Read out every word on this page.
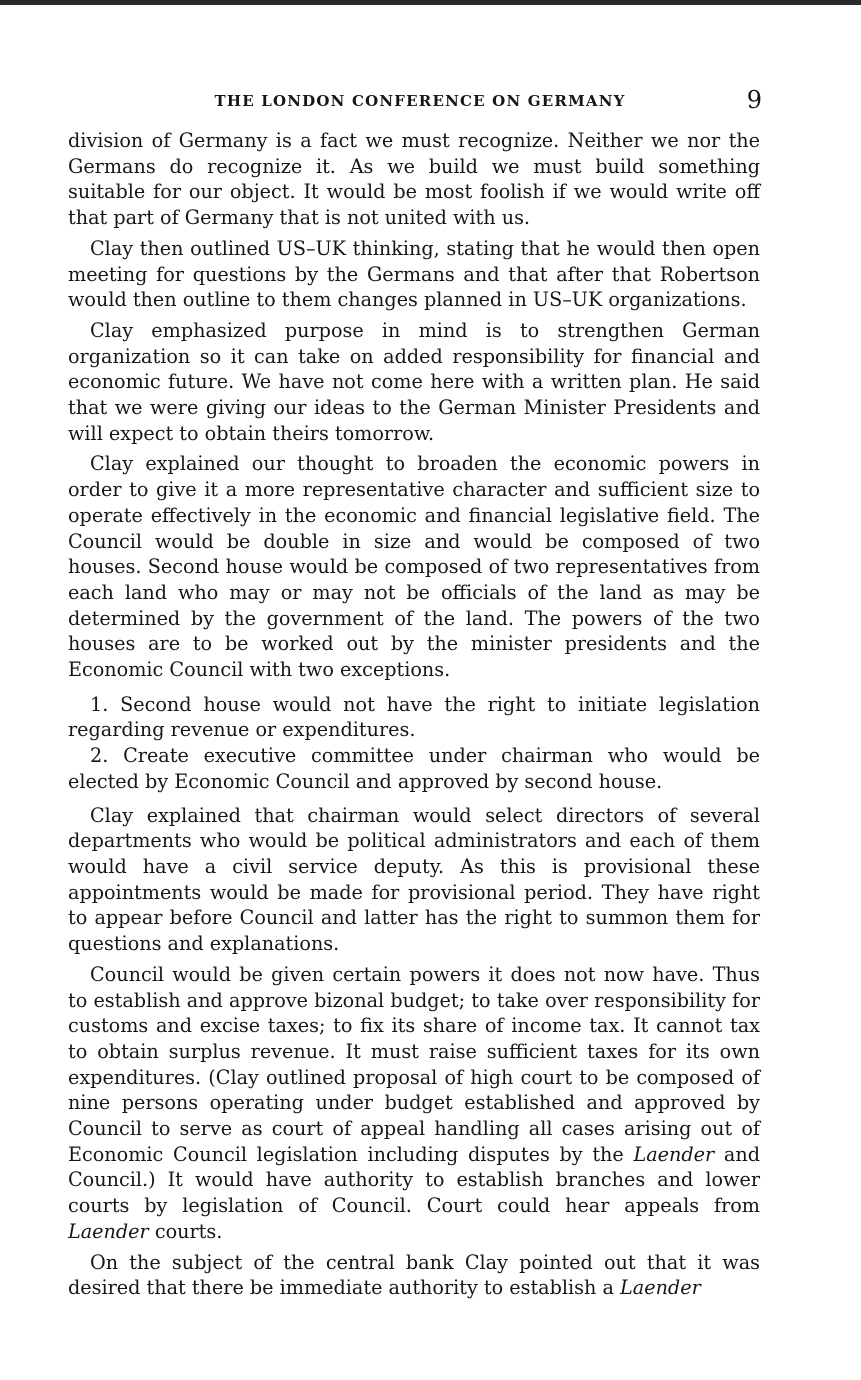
THE LONDON CONFERENCE ON GERMANY	9

division of Germany is a fact we must recognize. Neither we nor the Germans do recognize it. As we build we must build something suitable for our object. It would be most foolish if we would write off that part of Germany that is not united with us.

Clay then outlined US–UK thinking, stating that he would then open meeting for questions by the Germans and that after that Robertson would then outline to them changes planned in US–UK organizations.

Clay emphasized purpose in mind is to strengthen German organization so it can take on added responsibility for financial and economic future. We have not come here with a written plan. He said that we were giving our ideas to the German Minister Presidents and will expect to obtain theirs tomorrow.

Clay explained our thought to broaden the economic powers in order to give it a more representative character and sufficient size to operate effectively in the economic and financial legislative field. The Council would be double in size and would be composed of two houses. Second house would be composed of two representatives from each land who may or may not be officials of the land as may be determined by the government of the land. The powers of the two houses are to be worked out by the minister presidents and the Economic Council with two exceptions.

1. Second house would not have the right to initiate legislation regarding revenue or expenditures.

2. Create executive committee under chairman who would be elected by Economic Council and approved by second house.

Clay explained that chairman would select directors of several departments who would be political administrators and each of them would have a civil service deputy. As this is provisional these appointments would be made for provisional period. They have right to appear before Council and latter has the right to summon them for questions and explanations.

Council would be given certain powers it does not now have. Thus to establish and approve bizonal budget; to take over responsibility for customs and excise taxes; to fix its share of income tax. It cannot tax to obtain surplus revenue. It must raise sufficient taxes for its own expenditures. (Clay outlined proposal of high court to be composed of nine persons operating under budget established and approved by Council to serve as court of appeal handling all cases arising out of Economic Council legislation including disputes by the Laender and Council.) It would have authority to establish branches and lower courts by legislation of Council. Court could hear appeals from Laender courts.

On the subject of the central bank Clay pointed out that it was desired that there be immediate authority to establish a Laender
